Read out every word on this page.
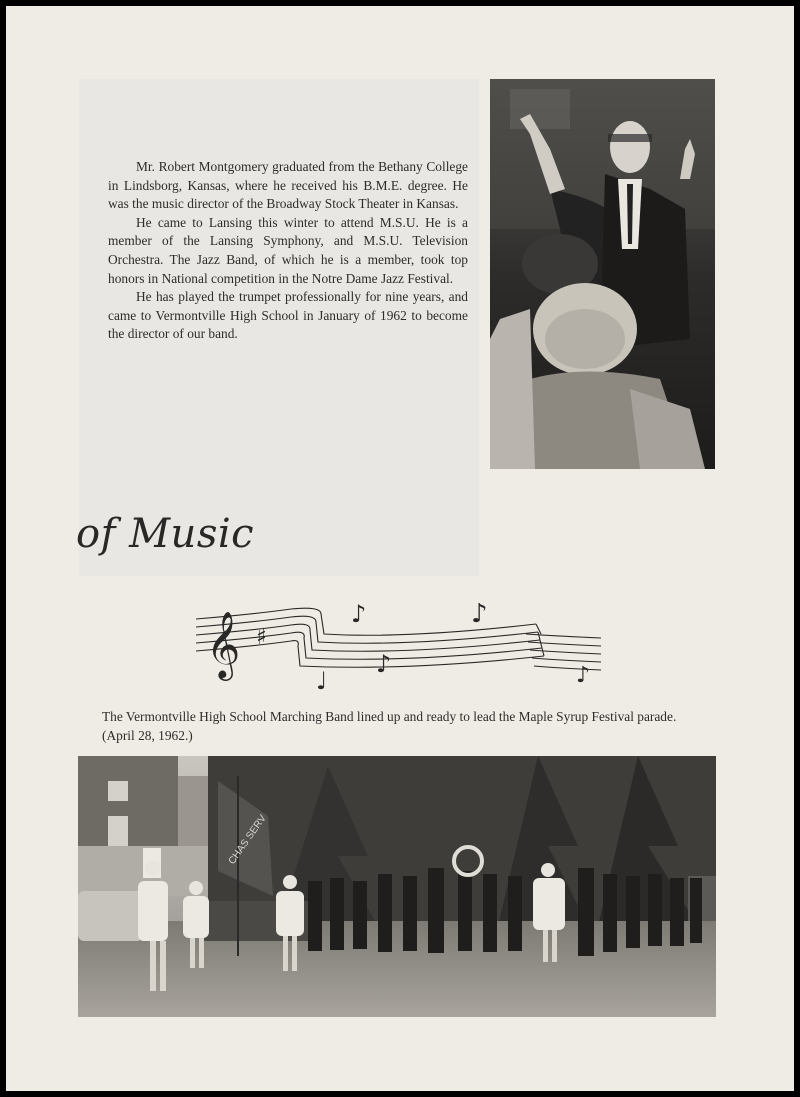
Mr. Robert Montgomery graduated from the Bethany College in Lindsborg, Kansas, where he received his B.M.E. degree. He was the music director of the Broadway Stock Theater in Kansas.

He came to Lansing this winter to attend M.S.U. He is a member of the Lansing Symphony, and M.S.U. Television Orchestra. The Jazz Band, of which he is a member, took top honors in National competition in the Notre Dame Jazz Festival.

He has played the trumpet professionally for nine years, and came to Vermontville High School in January of 1962 to become the director of our band.

of Music
𝄞 ♯
♪
♩
♪
♪
♪

The Vermontville High School Marching Band lined up and ready to lead the Maple Syrup Festival parade. (April 28, 1962.)

CHAS SERV
